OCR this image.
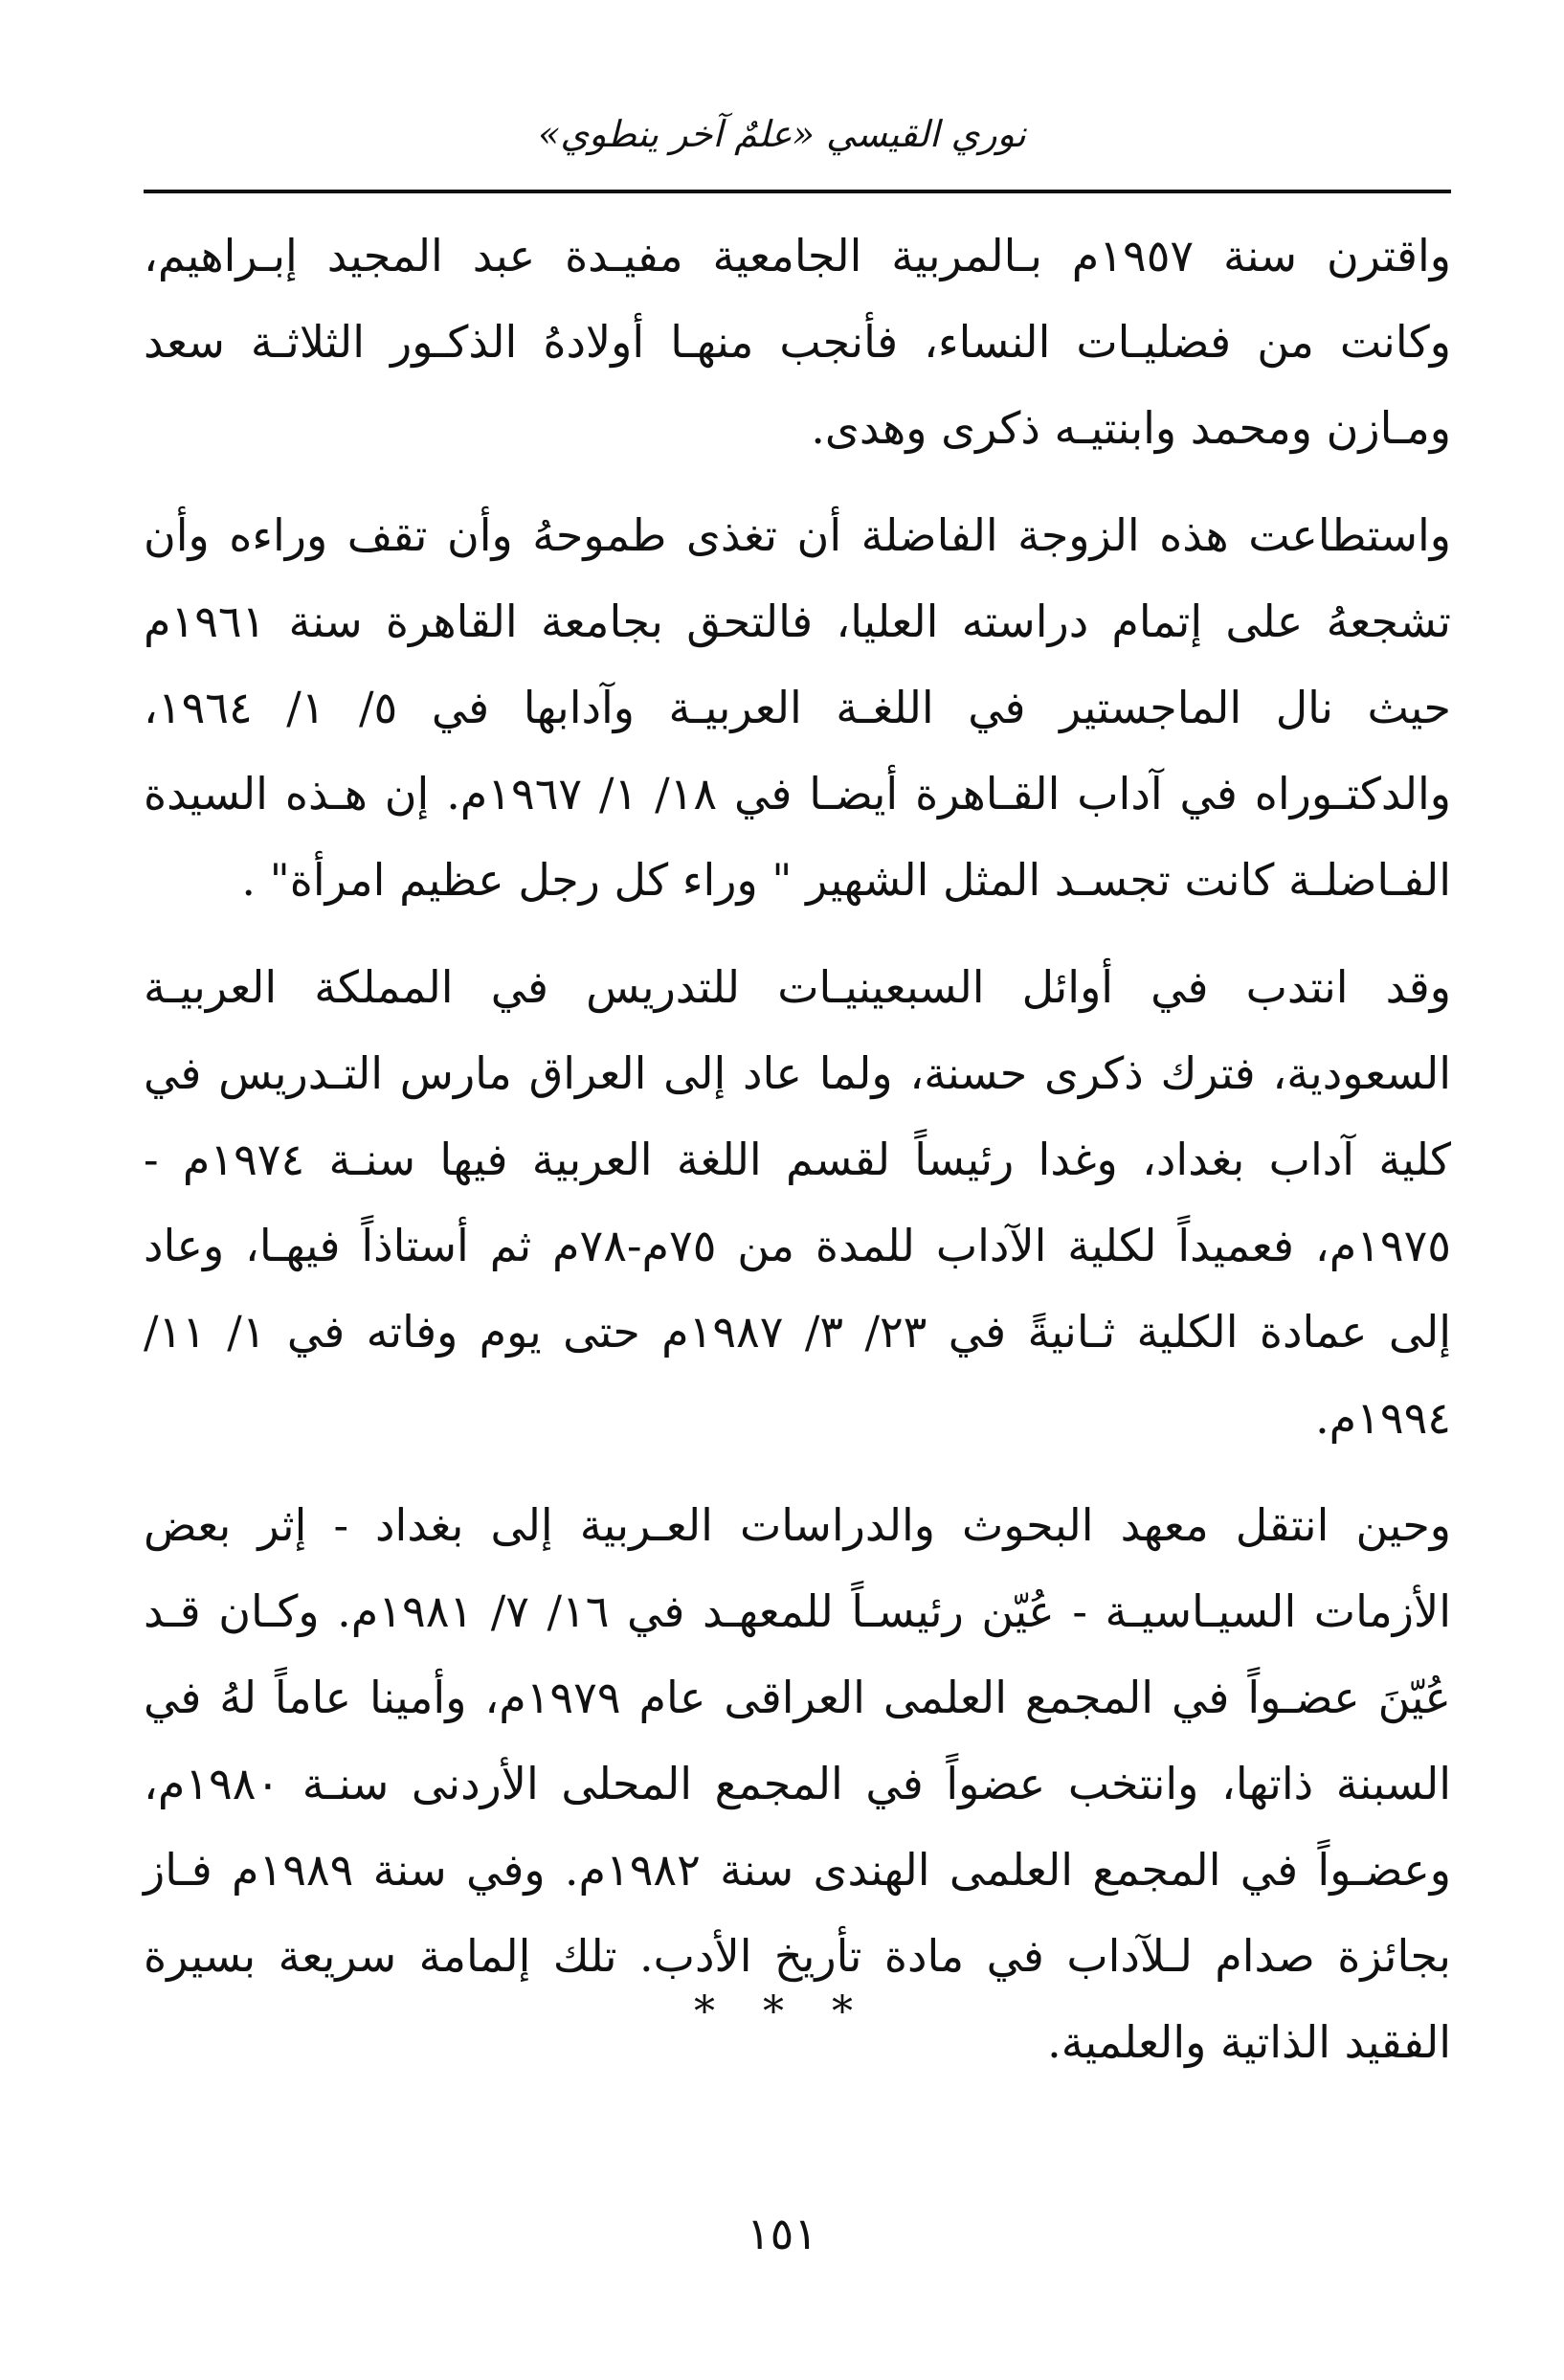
نوري القيسي «علمٌ آخر ينطوي»

واقترن سنة ١٩٥٧م بـالمربية الجامعية مفيـدة عبد المجيد إبـراهيم، وكانت من فضليـات النساء، فأنجب منهـا أولادهُ الذكـور الثلاثـة سعد ومـازن ومحمد وابنتيـه ذكرى وهدى.

واستطاعت هذه الزوجة الفاضلة أن تغذى طموحهُ وأن تقف وراءه وأن تشجعهُ على إتمام دراسته العليا، فالتحق بجامعة القاهرة سنة ١٩٦١م حيث نال الماجستير في اللغـة العربيـة وآدابها في ٥/ ١/ ١٩٦٤، والدكتـوراه في آداب القـاهرة أيضـا في ١٨/ ١/ ١٩٦٧م. إن هـذه السيدة الفـاضلـة كانت تجسـد المثل الشهير " وراء كل رجل عظيم امرأة" .

وقد انتدب في أوائل السبعينيـات للتدريس في المملكة العربيـة السعودية، فترك ذكرى حسنة، ولما عاد إلى العراق مارس التـدريس في كلية آداب بغداد، وغدا رئيساً لقسم اللغة العربية فيها سنـة ١٩٧٤م - ١٩٧٥م، فعميداً لكلية الآداب للمدة من ٧٥م-٧٨م ثم أستاذاً فيهـا، وعاد إلى عمادة الكلية ثـانيةً في ٢٣/ ٣/ ١٩٨٧م حتى يوم وفاته في ١/ ١١/ ١٩٩٤م.

وحين انتقل معهد البحوث والدراسات العـربية إلى بغداد - إثر بعض الأزمات السيـاسيـة - عُيّن رئيسـاً للمعهـد في ١٦/ ٧/ ١٩٨١م. وكـان قـد عُيّنَ عضـواً في المجمع العلمى العراقى عام ١٩٧٩م، وأمينا عاماً لهُ في السبنة ذاتها، وانتخب عضواً في المجمع المحلى الأردنى سنـة ١٩٨٠م، وعضـواً في المجمع العلمى الهندى سنة ١٩٨٢م. وفي سنة ١٩٨٩م فـاز بجائزة صدام لـلآداب في مادة تأريخ الأدب. تلك إلمامة سريعة بسيرة الفقيد الذاتية والعلمية.

* * *
١٥١
